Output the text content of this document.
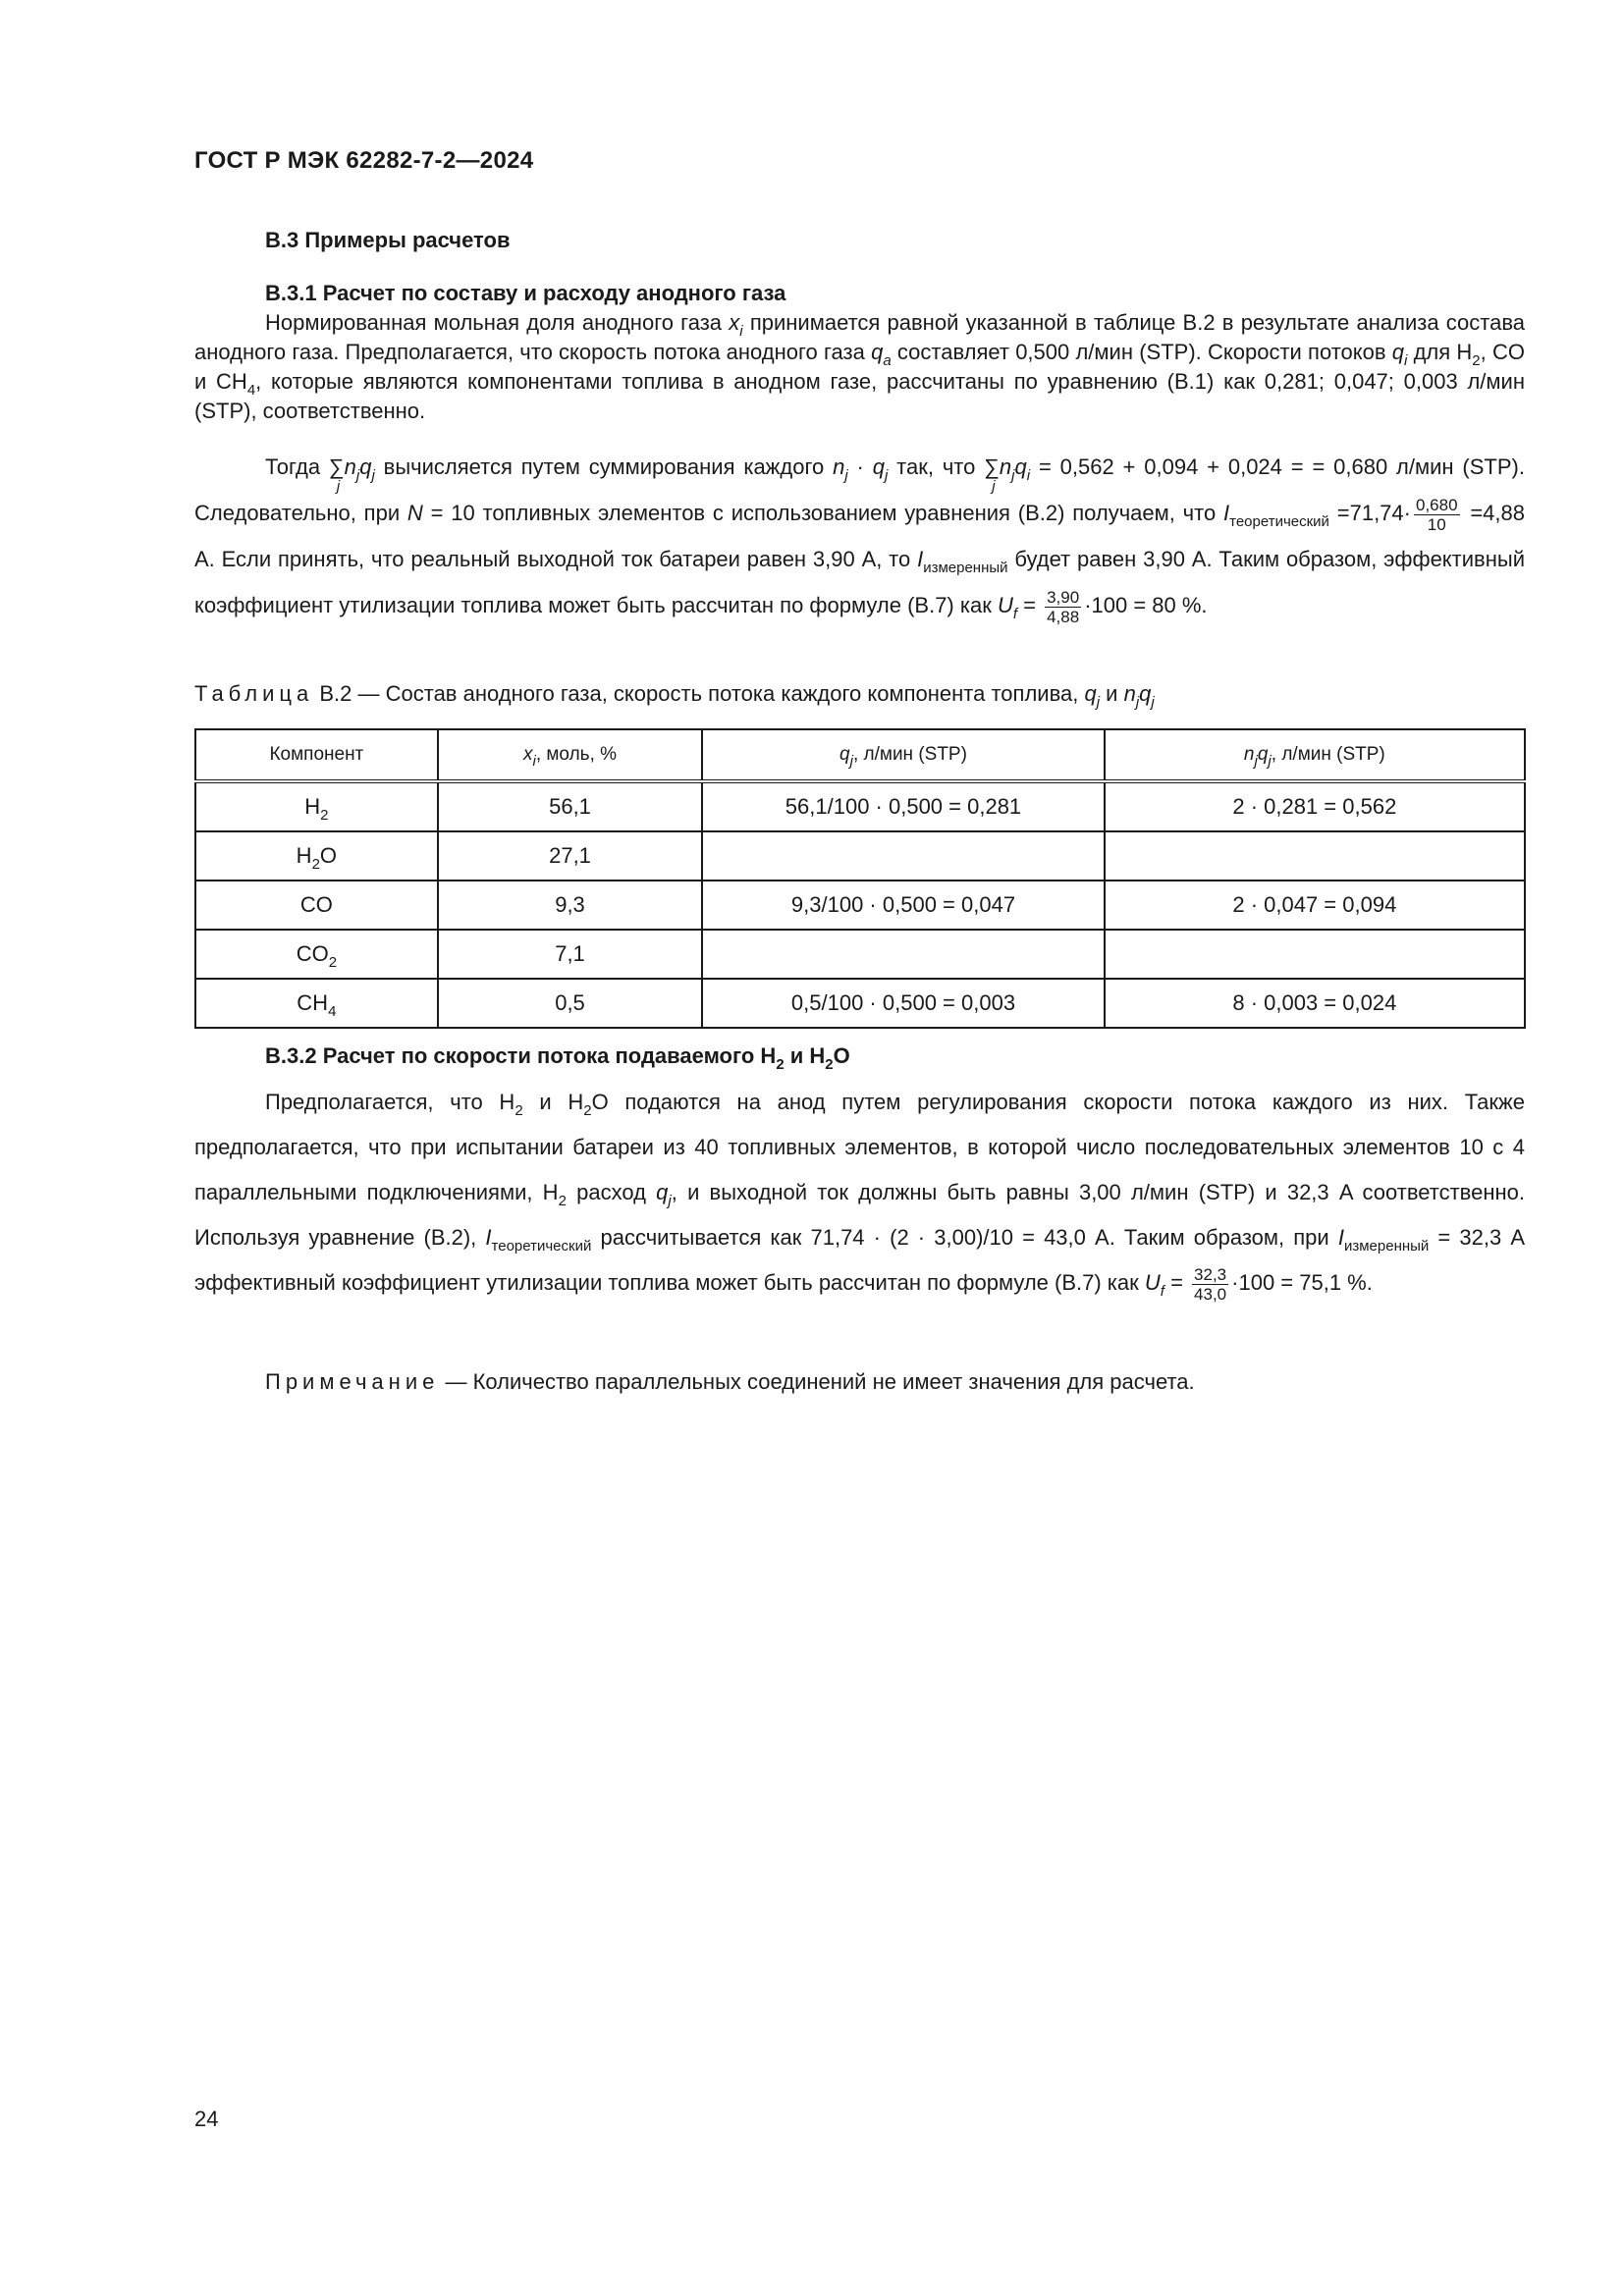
ГОСТ Р МЭК 62282-7-2—2024
B.3 Примеры расчетов
B.3.1 Расчет по составу и расходу анодного газа
Нормированная мольная доля анодного газа $x_i$ принимается равной указанной в таблице B.2 в результате анализа состава анодного газа. Предполагается, что скорость потока анодного газа $q_a$ составляет 0,500 л/мин (STP). Скорости потоков $q_i$ для $H_2$, CO и $CH_4$, которые являются компонентами топлива в анодном газе, рассчитаны по уравнению (B.1) как 0,281; 0,047; 0,003 л/мин (STP), соответственно.
Тогда $\sum n_jq_j$
j
вычисляется путем суммирования каждого $n_j \cdot q_j$ так, что $\sum n_jq_i$
j
= 0,562 + 0,094 + 0,024 = = 0,680 л/мин (STP). Следовательно, при N = 10 топливных элементов с использованием уравнения (B.2) получаем, что $I_{теоретический} =71,74\cdot \frac{0,680}{10} =4,88$ A. Если принять, что реальный выходной ток батареи равен 3,90 A, то $I_{измеренный}$ будет равен 3,90 A. Таким образом, эффективный коэффициент утилизации топлива может быть рассчитан по формуле (B.7) как $U_f = \frac{3,90}{4,88} \cdot 100 = 80$ %.
Таблица B.2 — Состав анодного газа, скорость потока каждого компонента топлива, $q_j$ и $n_jq_j$
Компонент	$x_i$, моль, %	$q_j$, л/мин (STP)	$n_jq_j$, л/мин (STP)
$H_2$	56,1	56,1/100 · 0,500 = 0,281	2 · 0,281 = 0,562
$H_2O$	27,1		
CO	9,3	9,3/100 · 0,500 = 0,047	2 · 0,047 = 0,094
$CO_2$	7,1		
$CH_4$	0,5	0,5/100 · 0,500 = 0,003	8 · 0,003 = 0,024
B.3.2 Расчет по скорости потока подаваемого $H_2$ и $H_2O$
Предполагается, что $H_2$ и $H_2O$ подаются на анод путем регулирования скорости потока каждого из них. Также предполагается, что при испытании батареи из 40 топливных элементов, в которой число последовательных элементов 10 с 4 параллельными подключениями, $H_2$ расход $q_j$, и выходной ток должны быть равны 3,00 л/мин (STP) и 32,3 A соответственно. Используя уравнение (B.2), $I_{теоретический}$ рассчитывается как 71,74 · (2 · 3,00)/10 = 43,0 A. Таким образом, при $I_{измеренный} = 32,3$ A эффективный коэффициент утилизации топлива может быть рассчитан по формуле (B.7) как $U_f = \frac{32,3}{43,0} \cdot 100 = 75,1$ %.
Примечание — Количество параллельных соединений не имеет значения для расчета.
24
